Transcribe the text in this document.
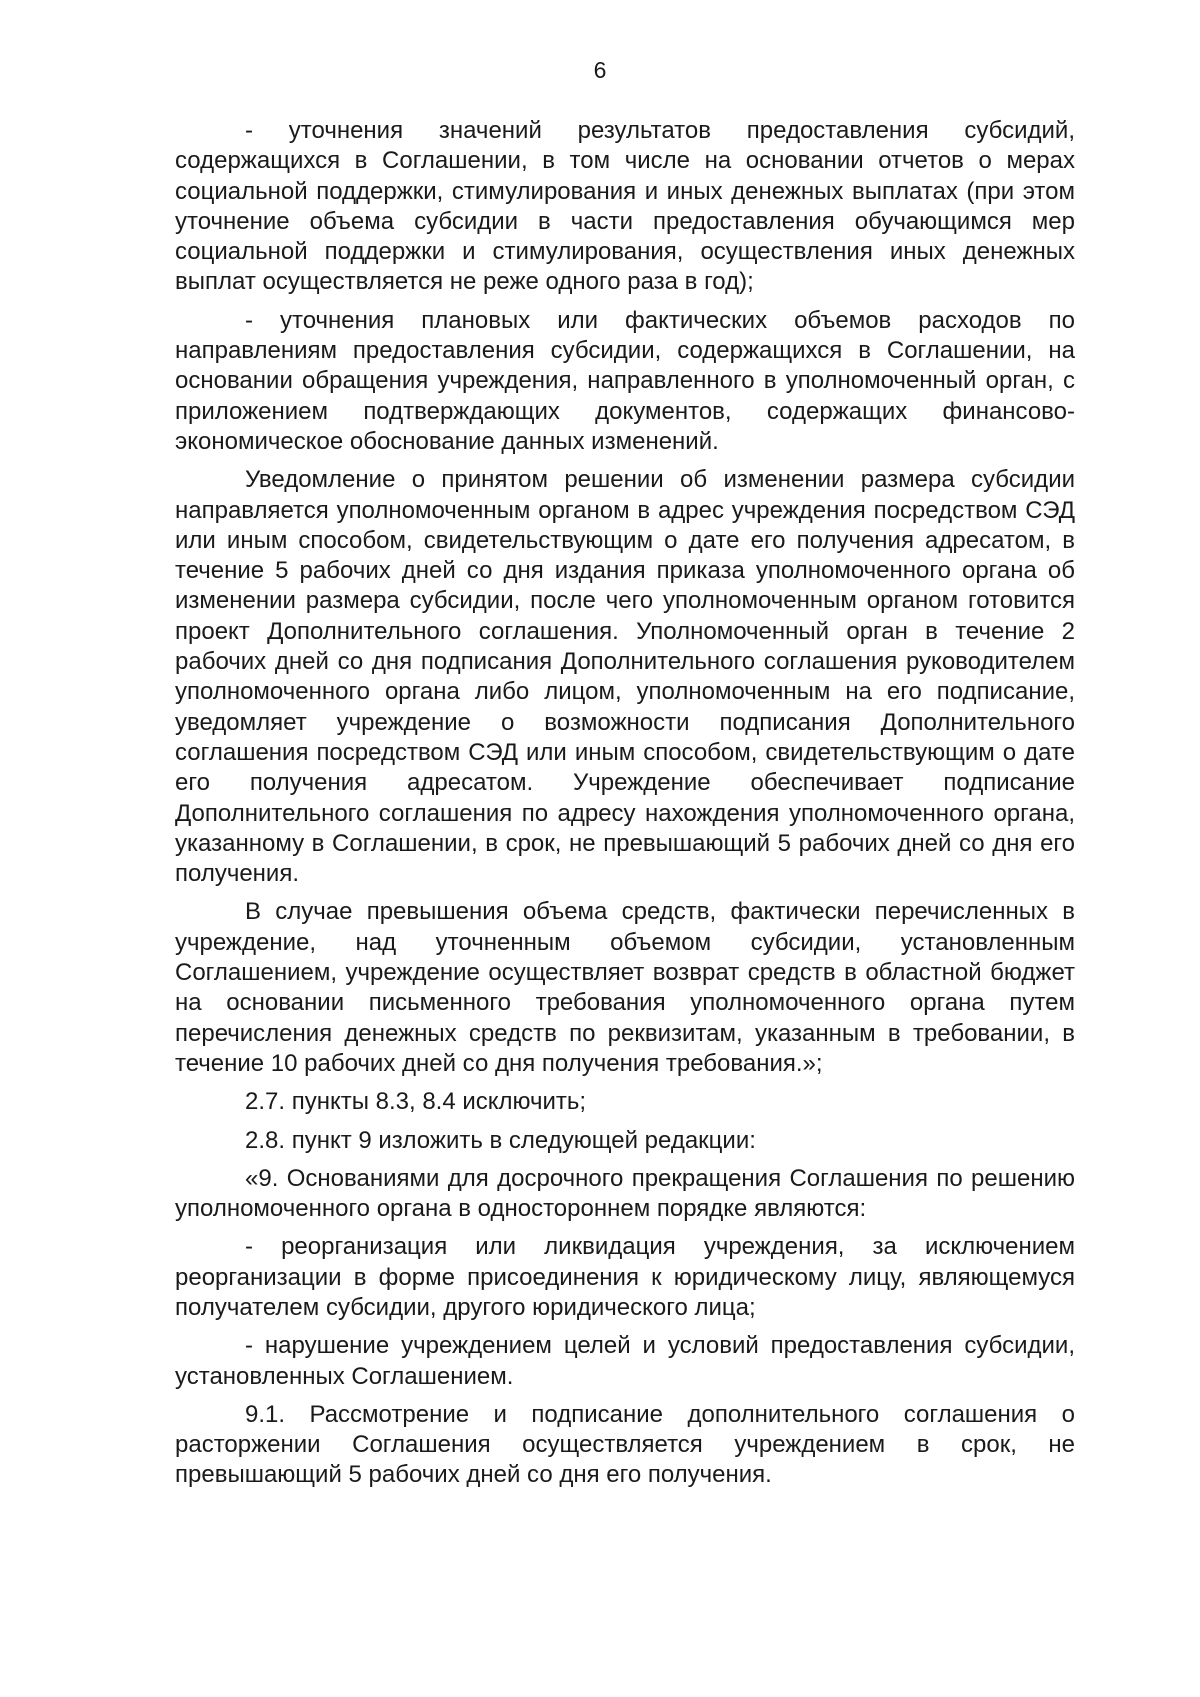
6

- уточнения значений результатов предоставления субсидий, содержащихся в Соглашении, в том числе на основании отчетов о мерах социальной поддержки, стимулирования и иных денежных выплатах (при этом уточнение объема субсидии в части предоставления обучающимся мер социальной поддержки и стимулирования, осуществления иных денежных выплат осуществляется не реже одного раза в год);

- уточнения плановых или фактических объемов расходов по направлениям предоставления субсидии, содержащихся в Соглашении, на основании обращения учреждения, направленного в уполномоченный орган, с приложением подтверждающих документов, содержащих финансово-экономическое обоснование данных изменений.

Уведомление о принятом решении об изменении размера субсидии направляется уполномоченным органом в адрес учреждения посредством СЭД или иным способом, свидетельствующим о дате его получения адресатом, в течение 5 рабочих дней со дня издания приказа уполномоченного органа об изменении размера субсидии, после чего уполномоченным органом готовится проект Дополнительного соглашения. Уполномоченный орган в течение 2 рабочих дней со дня подписания Дополнительного соглашения руководителем уполномоченного органа либо лицом, уполномоченным на его подписание, уведомляет учреждение о возможности подписания Дополнительного соглашения посредством СЭД или иным способом, свидетельствующим о дате его получения адресатом. Учреждение обеспечивает подписание Дополнительного соглашения по адресу нахождения уполномоченного органа, указанному в Соглашении, в срок, не превышающий 5 рабочих дней со дня его получения.

В случае превышения объема средств, фактически перечисленных в учреждение, над уточненным объемом субсидии, установленным Соглашением, учреждение осуществляет возврат средств в областной бюджет на основании письменного требования уполномоченного органа путем перечисления денежных средств по реквизитам, указанным в требовании, в течение 10 рабочих дней со дня получения требования.»;

2.7. пункты 8.3, 8.4 исключить;

2.8. пункт 9 изложить в следующей редакции:

«9. Основаниями для досрочного прекращения Соглашения по решению уполномоченного органа в одностороннем порядке являются:

- реорганизация или ликвидация учреждения, за исключением реорганизации в форме присоединения к юридическому лицу, являющемуся получателем субсидии, другого юридического лица;

- нарушение учреждением целей и условий предоставления субсидии, установленных Соглашением.

9.1. Рассмотрение и подписание дополнительного соглашения о расторжении Соглашения осуществляется учреждением в срок, не превышающий 5 рабочих дней со дня его получения.
